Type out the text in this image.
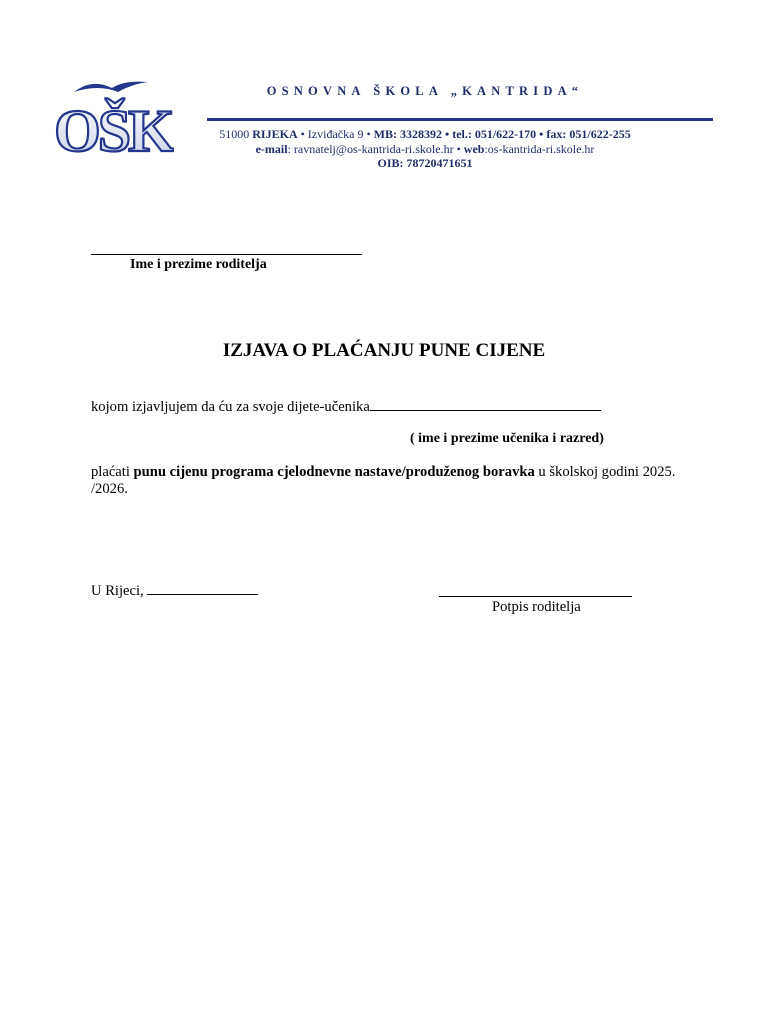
OŠK
OSNOVNA ŠKOLA „KANTRIDA“
51000 RIJEKA • Izviđačka 9 • MB: 3328392 • tel.: 051/622-170 • fax: 051/622-255
e-mail: ravnatelj@os-kantrida-ri.skole.hr • web:os-kantrida-ri.skole.hr
OIB: 78720471651
Ime i prezime roditelja
IZJAVA O PLAĆANJU PUNE CIJENE
kojom izjavljujem da ću za svoje dijete-učenika
( ime i prezime učenika i razred)
plaćati punu cijenu programa cjelodnevne nastave/produženog boravka u školskoj godini 2025. /2026.
U Rijeci,
Potpis roditelja
